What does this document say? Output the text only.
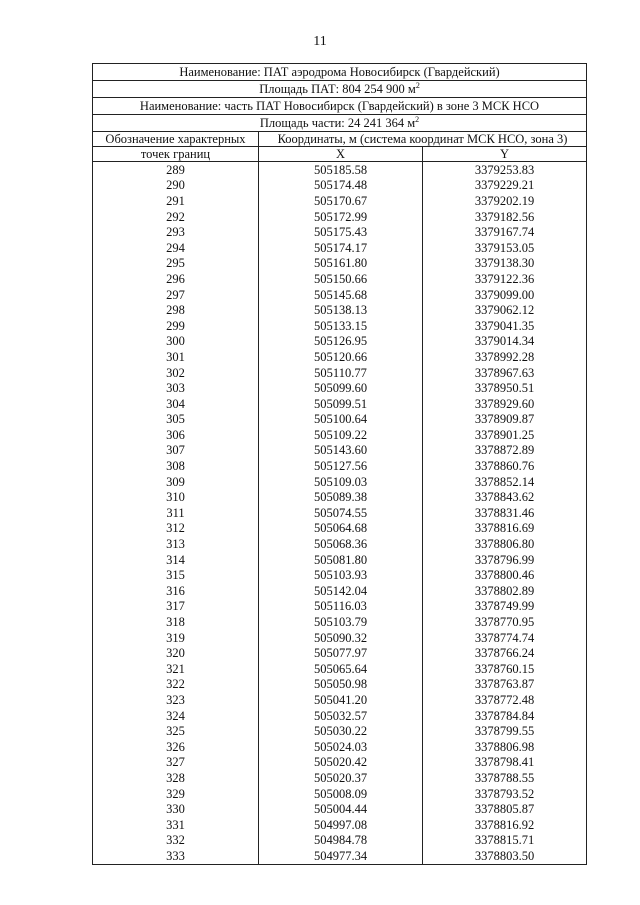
11
Наименование: ПАТ аэродрома Новосибирск (Гвардейский)		
Площадь ПАТ: 804 254 900 $м^2$
Наименование: часть ПАТ Новосибирск (Гвардейский) в зоне 3 МСК НСО		
Площадь части: 24 241 364 $м^2$
Обозначение характерных	Координаты, м (система координат МСК НСО, зона 3)	
точек границ	X	Y
289	505185.58	3379253.83
290	505174.48	3379229.21
291	505170.67	3379202.19
292	505172.99	3379182.56
293	505175.43	3379167.74
294	505174.17	3379153.05
295	505161.80	3379138.30
296	505150.66	3379122.36
297	505145.68	3379099.00
298	505138.13	3379062.12
299	505133.15	3379041.35
300	505126.95	3379014.34
301	505120.66	3378992.28
302	505110.77	3378967.63
303	505099.60	3378950.51
304	505099.51	3378929.60
305	505100.64	3378909.87
306	505109.22	3378901.25
307	505143.60	3378872.89
308	505127.56	3378860.76
309	505109.03	3378852.14
310	505089.38	3378843.62
311	505074.55	3378831.46
312	505064.68	3378816.69
313	505068.36	3378806.80
314	505081.80	3378796.99
315	505103.93	3378800.46
316	505142.04	3378802.89
317	505116.03	3378749.99
318	505103.79	3378770.95
319	505090.32	3378774.74
320	505077.97	3378766.24
321	505065.64	3378760.15
322	505050.98	3378763.87
323	505041.20	3378772.48
324	505032.57	3378784.84
325	505030.22	3378799.55
326	505024.03	3378806.98
327	505020.42	3378798.41
328	505020.37	3378788.55
329	505008.09	3378793.52
330	505004.44	3378805.87
331	504997.08	3378816.92
332	504984.78	3378815.71
333	504977.34	3378803.50
